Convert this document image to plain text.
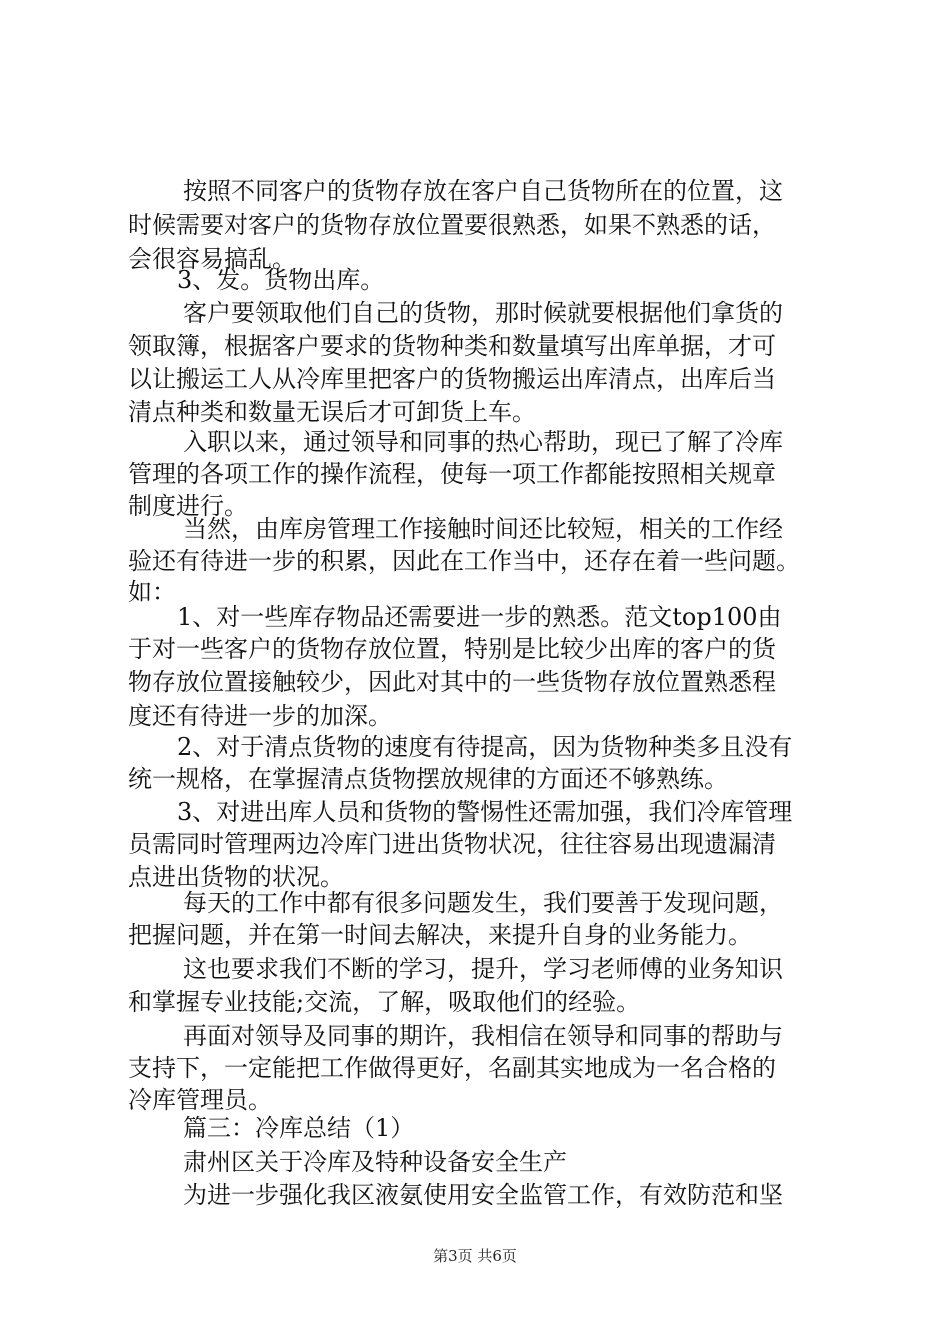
按照不同客户的货物存放在客户自己货物所在的位置，这
时候需要对客户的货物存放位置要很熟悉，如果不熟悉的话，
会很容易搞乱。
3、发。货物出库。
客户要领取他们自己的货物，那时候就要根据他们拿货的
领取簿，根据客户要求的货物种类和数量填写出库单据，才可
以让搬运工人从冷库里把客户的货物搬运出库清点，出库后当
清点种类和数量无误后才可卸货上车。
入职以来，通过领导和同事的热心帮助，现已了解了冷库
管理的各项工作的操作流程，使每一项工作都能按照相关规章
制度进行。
当然，由库房管理工作接触时间还比较短，相关的工作经
验还有待进一步的积累，因此在工作当中，还存在着一些问题。
如：
1、对一些库存物品还需要进一步的熟悉。范文top100由
于对一些客户的货物存放位置，特别是比较少出库的客户的货
物存放位置接触较少，因此对其中的一些货物存放位置熟悉程
度还有待进一步的加深。
2、对于清点货物的速度有待提高，因为货物种类多且没有
统一规格，在掌握清点货物摆放规律的方面还不够熟练。
3、对进出库人员和货物的警惕性还需加强，我们冷库管理
员需同时管理两边冷库门进出货物状况，往往容易出现遗漏清
点进出货物的状况。
每天的工作中都有很多问题发生，我们要善于发现问题，
把握问题，并在第一时间去解决，来提升自身的业务能力。
这也要求我们不断的学习，提升，学习老师傅的业务知识
和掌握专业技能;交流，了解，吸取他们的经验。
再面对领导及同事的期许，我相信在领导和同事的帮助与
支持下，一定能把工作做得更好，名副其实地成为一名合格的
冷库管理员。
篇三：冷库总结（1）
肃州区关于冷库及特种设备安全生产
为进一步强化我区液氨使用安全监管工作，有效防范和坚
第3页 共6页
